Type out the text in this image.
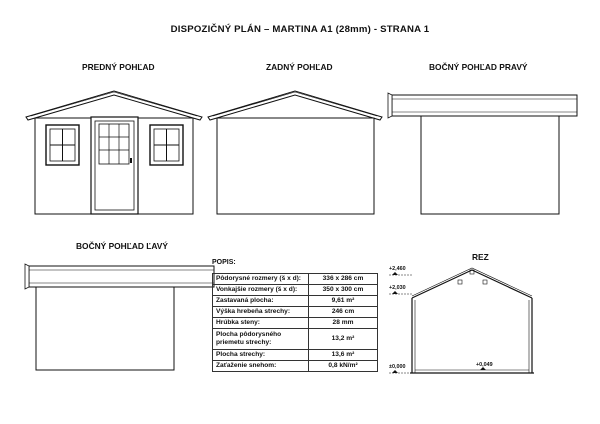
DISPOZIČNÝ PLÁN – MARTINA A1 (28mm) - STRANA 1
PREDNÝ POHĽAD	ZADNÝ POHĽAD	BOČNÝ POHĽAD PRAVÝ
BOČNÝ POHĽAD ĽAVÝ
REZ
POPIS:
Pôdorysné rozmery (š x d):	336 x 286 cm
Vonkajšie rozmery (š x d):	350 x 300 cm
Zastavaná plocha:	9,61 m²
Výška hrebeňa strechy:	246 cm
Hrúbka steny:	28 mm
Plocha pôdorysného priemetu strechy:	13,2 m²
Plocha strechy:	13,6 m²
Zaťaženie snehom:	0,8 kN/m²
+2,460
+2,030
±0,000	+0,049
